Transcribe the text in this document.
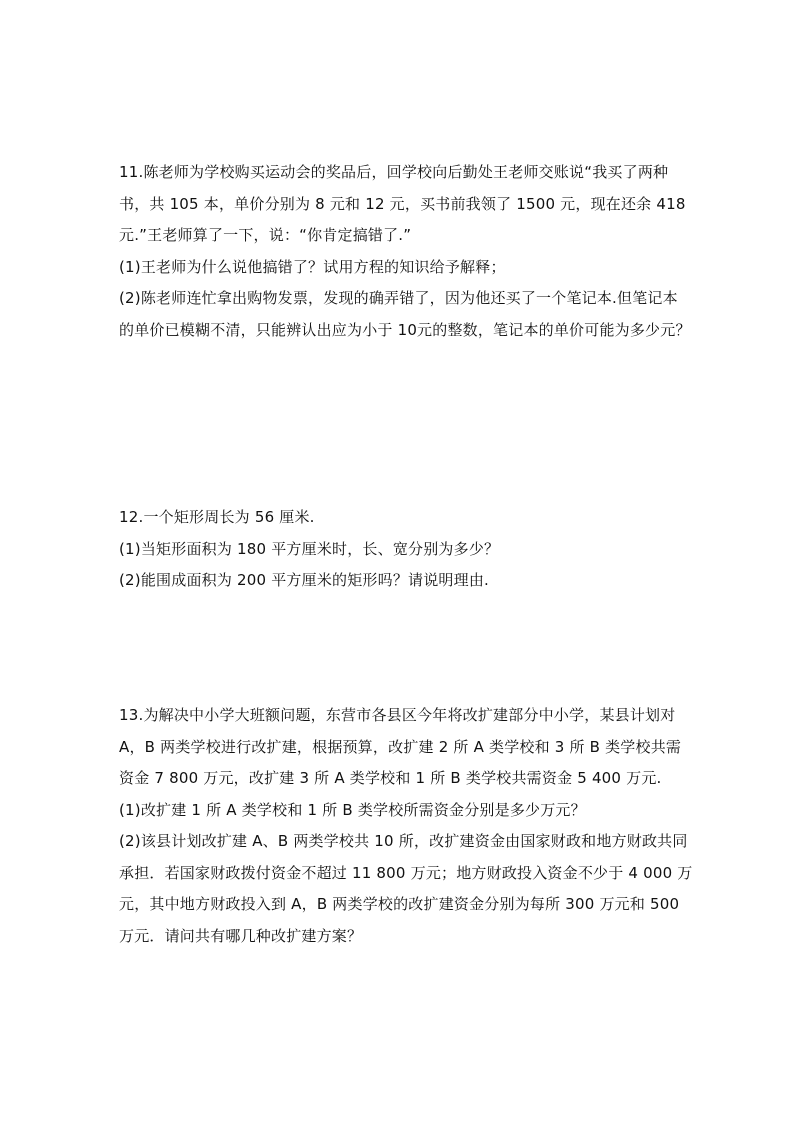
11.陈老师为学校购买运动会的奖品后，回学校向后勤处王老师交账说“我买了两种
书，共 105 本，单价分别为 8 元和 12 元，买书前我领了 1500 元，现在还余 418
元.”王老师算了一下，说：“你肯定搞错了.”
(1)王老师为什么说他搞错了？试用方程的知识给予解释；
(2)陈老师连忙拿出购物发票，发现的确弄错了，因为他还买了一个笔记本.但笔记本
的单价已模糊不清，只能辨认出应为小于 10元的整数，笔记本的单价可能为多少元？
12.一个矩形周长为 56 厘米.
(1)当矩形面积为 180 平方厘米时，长、宽分别为多少？
(2)能围成面积为 200 平方厘米的矩形吗？请说明理由.
13.为解决中小学大班额问题，东营市各县区今年将改扩建部分中小学，某县计划对
A，B 两类学校进行改扩建，根据预算，改扩建 2 所 A 类学校和 3 所 B 类学校共需
资金 7 800 万元，改扩建 3 所 A 类学校和 1 所 B 类学校共需资金 5 400 万元.
(1)改扩建 1 所 A 类学校和 1 所 B 类学校所需资金分别是多少万元？
(2)该县计划改扩建 A、B 两类学校共 10 所，改扩建资金由国家财政和地方财政共同
承担．若国家财政拨付资金不超过 11 800 万元；地方财政投入资金不少于 4 000 万
元，其中地方财政投入到 A，B 两类学校的改扩建资金分别为每所 300 万元和 500
万元．请问共有哪几种改扩建方案？
